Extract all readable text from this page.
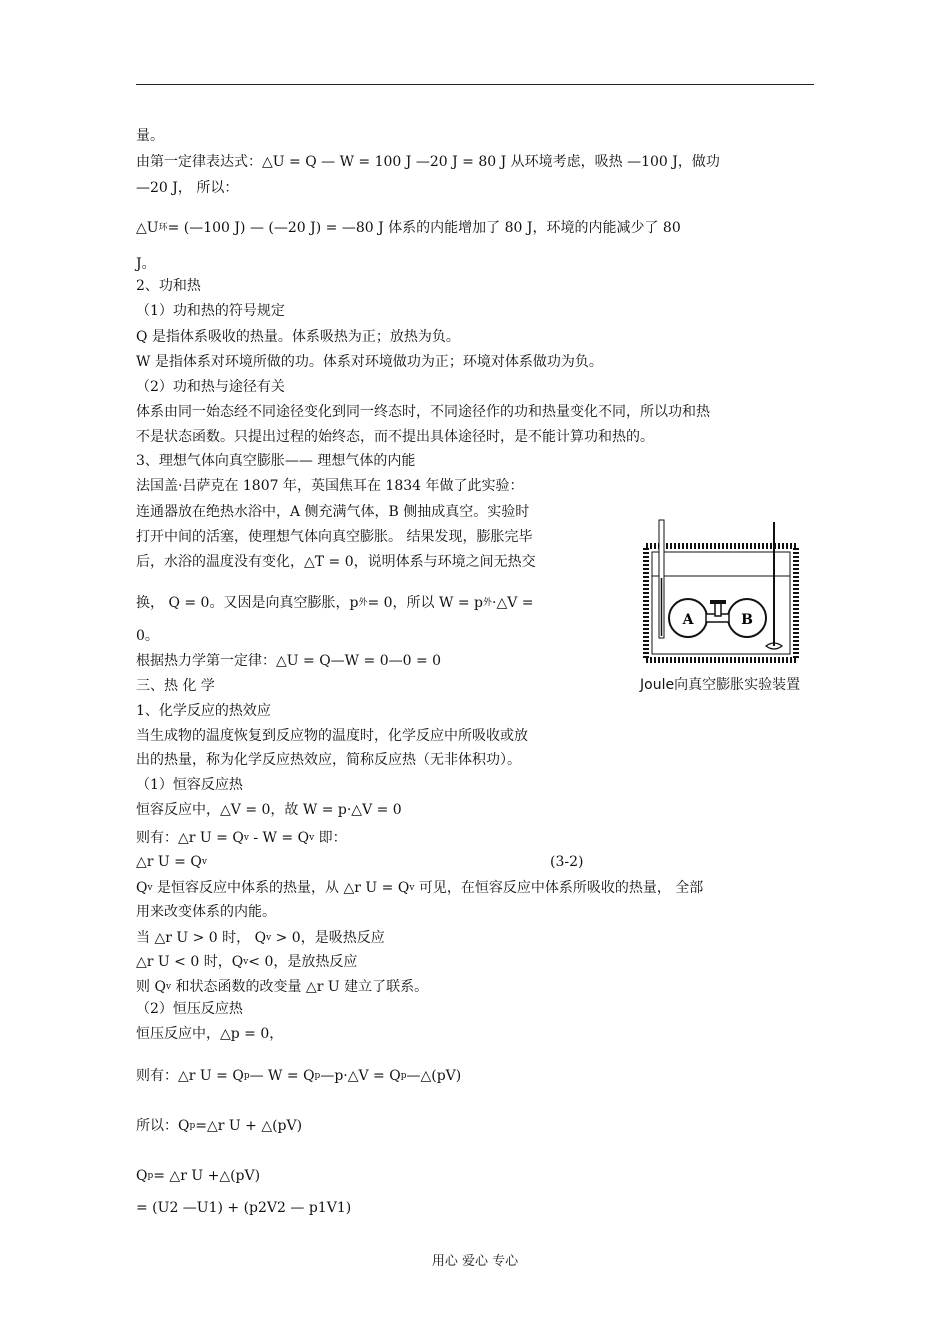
量。
由第一定律表达式：△U = Q — W = 100 J —20 J = 80 J 从环境考虑，吸热 —100 J，做功
—20 J， 所以：
$\triangle U^环=$ (—100 J) — (—20 J) = —80 J 体系的内能增加了 80 J，环境的内能减少了 80
J。
2、功和热
（1）功和热的符号规定
Q 是指体系吸收的热量。体系吸热为正；放热为负。
W 是指体系对环境所做的功。体系对环境做功为正；环境对体系做功为负。
（2）功和热与途径有关
体系由同一始态经不同途径变化到同一终态时，不同途径作的功和热量变化不同，所以功和热
不是状态函数。只提出过程的始终态，而不提出具体途径时，是不能计算功和热的。
3、理想气体向真空膨胀—— 理想气体的内能
法国盖·吕萨克在 1807 年，英国焦耳在 1834 年做了此实验：
连通器放在绝热水浴中，A 侧充满气体，B 侧抽成真空。实验时
打开中间的活塞，使理想气体向真空膨胀。 结果发现，膨胀完毕
后，水浴的温度没有变化，△T = 0，说明体系与环境之间无热交
换， Q = 0。又因是向真空膨胀，$p^外= 0$，所以 $W = p^外\cdot\triangle V$ =
0。
根据热力学第一定律：△U = Q—W = 0—0 = 0
三、热 化 学
1、化学反应的热效应
当生成物的温度恢复到反应物的温度时，化学反应中所吸收或放
出的热量，称为化学反应热效应，简称反应热（无非体积功）。
（1）恒容反应热
恒容反应中，△V = 0，故 W = p·△V = 0
则有：△r $U = Q^v - W = Q^v$ 即：
△r $U = Q^v$	(3-2)
$Q^v$ 是恒容反应中体系的热量，从 △r $U = Q^v$ 可见，在恒容反应中体系所吸收的热量， 全部
用来改变体系的内能。
当 △r U > 0 时， $Q^v > 0$，是吸热反应
△r U < 0 时，$Q^v< 0$，是放热反应
则 $Q^v$ 和状态函数的改变量 △r U 建立了联系。
（2）恒压反应热
恒压反应中，△p = 0，
则有：△r $U = Q^p—$ $W = Q^p—p\cdot\triangle V$ = $Q^p—\triangle(pV)$
所以：$Q^p=\triangle r$ U + △(pV)
$Q^p=$ △r U +△(pV)
= (U2 —U1) + (p2V2 — p1V1)
A	B
Joule向真空膨胀实验装置
用心 爱心 专心
